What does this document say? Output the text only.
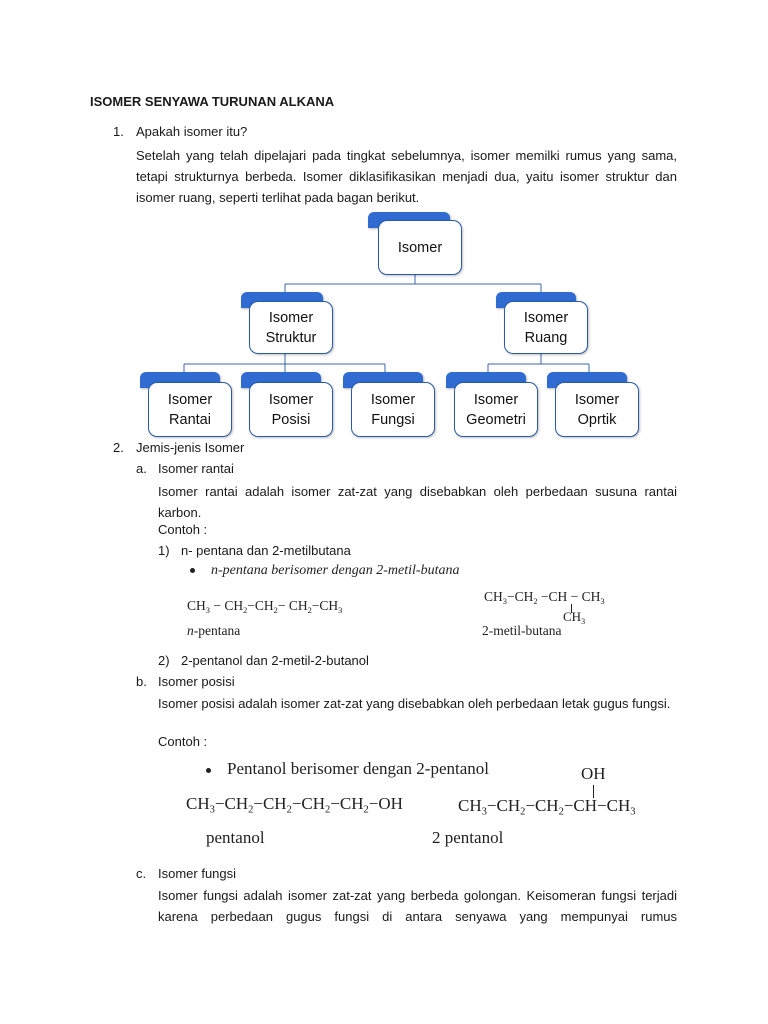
ISOMER SENYAWA TURUNAN ALKANA
1. Apakah isomer itu?
Setelah yang telah dipelajari pada tingkat sebelumnya, isomer memilki rumus yang sama, tetapi strukturnya berbeda. Isomer diklasifikasikan menjadi dua, yaitu isomer struktur dan isomer ruang, seperti terlihat pada bagan berikut.
Isomer
Isomer
Struktur
Isomer
Ruang
Isomer
Rantai
Isomer
Posisi
Isomer
Fungsi
Isomer
Geometri
Isomer
Oprtik
2. Jemis-jenis Isomer
a. Isomer rantai
Isomer rantai adalah isomer zat-zat yang disebabkan oleh perbedaan susuna rantai karbon.
Contoh :
1) n- pentana dan 2-metilbutana
n-pentana berisomer dengan 2-metil-butana
$CH_3 - CH_2-CH_2- CH_2-CH_3$
n-pentana
$CH_3-CH_2 -CH - CH_3$
$CH_3$
2-metil-butana
2) 2-pentanol dan 2-metil-2-butanol
b. Isomer posisi
Isomer posisi adalah isomer zat-zat yang disebabkan oleh perbedaan letak gugus fungsi.
Contoh :
Pentanol berisomer dengan 2-pentanol
$CH_3-CH_2-CH_2-CH_2-CH_2-OH$
pentanol
OH
$CH_3-CH_2-CH_2-CH-CH_3$
2 pentanol
c. Isomer fungsi
Isomer fungsi adalah isomer zat-zat yang berbeda golongan. Keisomeran fungsi terjadi karena perbedaan gugus fungsi di antara senyawa yang mempunyai rumus
